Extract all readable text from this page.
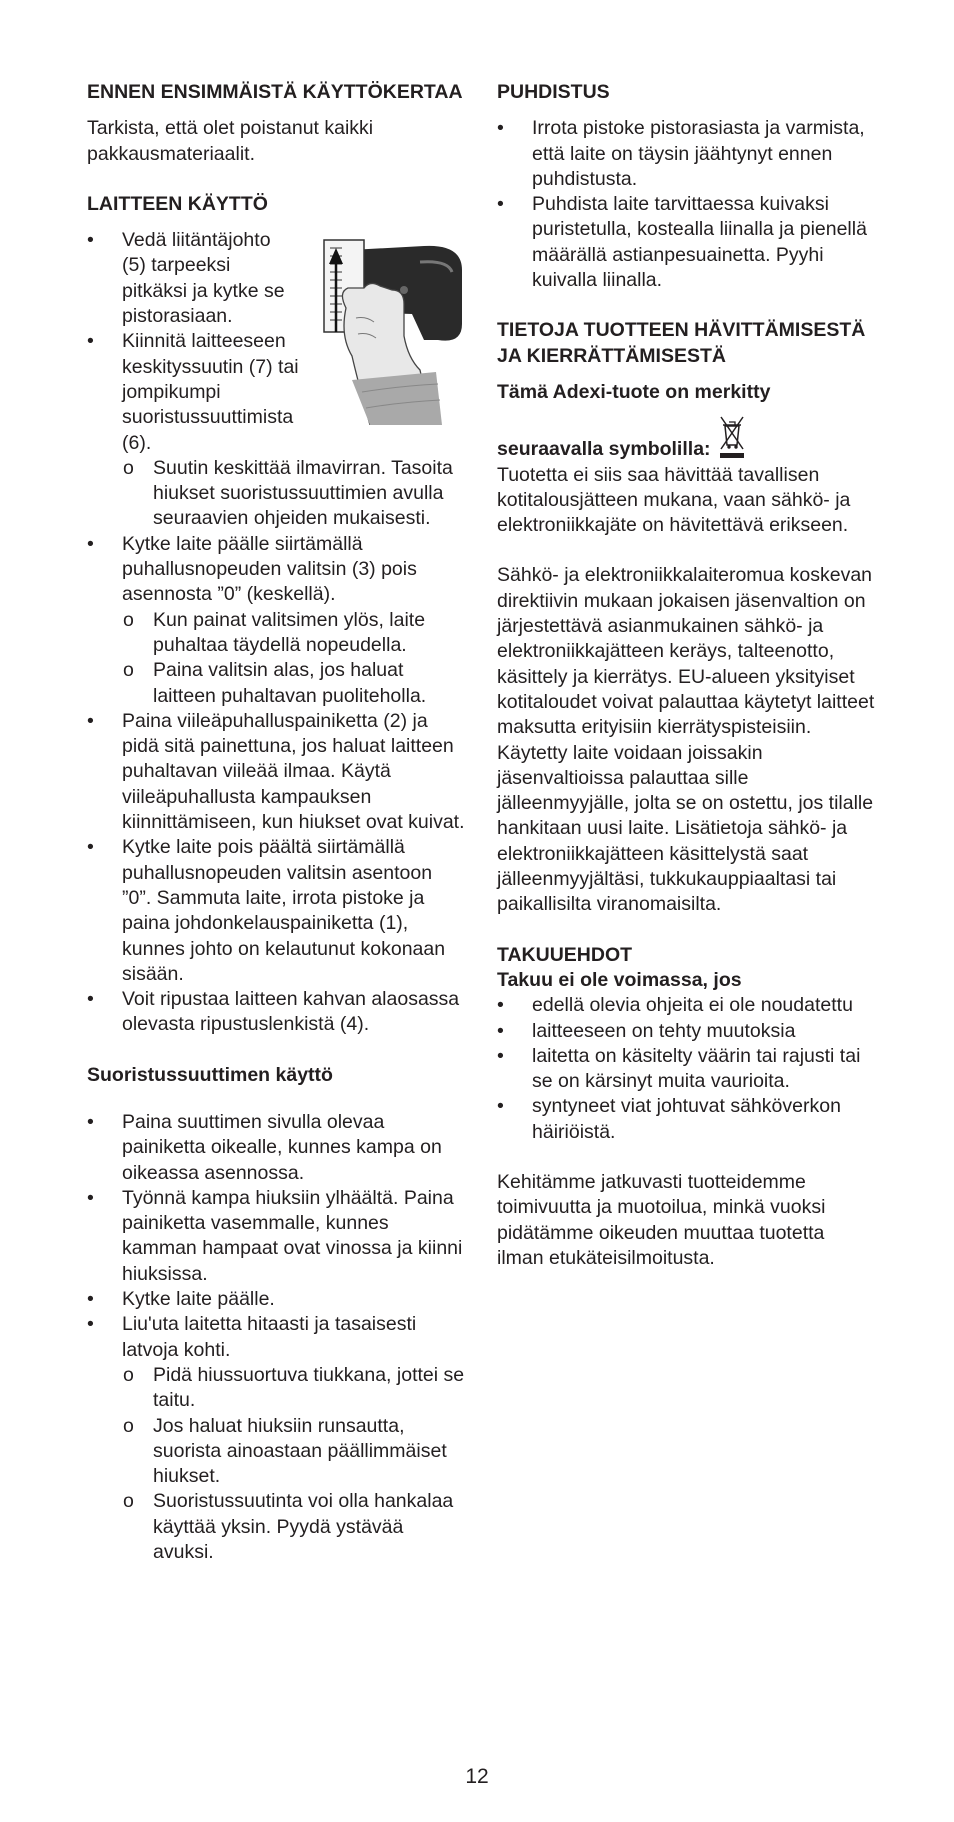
ENNEN ENSIMMÄISTÄ KÄYTTÖKERTAA

Tarkista, että olet poistanut kaikki pakkausmateriaalit.

LAITTEEN KÄYTTÖ
• Vedä liitäntäjohto (5) tarpeeksi pitkäksi ja kytke se pistorasiaan.
• Kiinnitä laitteeseen keskityssuutin (7) tai jompikumpi suoristussuuttimista (6).
o Suutin keskittää ilmavirran. Tasoita hiukset suoristussuuttimien avulla seuraavien ohjeiden mukaisesti.
• Kytke laite päälle siirtämällä puhallusnopeuden valitsin (3) pois asennosta ”0” (keskellä).
o Kun painat valitsimen ylös, laite puhaltaa täydellä nopeudella.
o Paina valitsin alas, jos haluat laitteen puhaltavan puoliteholla.
• Paina viileäpuhalluspainiketta (2) ja pidä sitä painettuna, jos haluat laitteen puhaltavan viileää ilmaa. Käytä viileäpuhallusta kampauksen kiinnittämiseen, kun hiukset ovat kuivat.
• Kytke laite pois päältä siirtämällä puhallusnopeuden valitsin asentoon ”0”. Sammuta laite, irrota pistoke ja paina johdonkelauspainiketta (1), kunnes johto on kelautunut kokonaan sisään.
• Voit ripustaa laitteen kahvan alaosassa olevasta ripustuslenkistä (4).
Suoristussuuttimen käyttö
• Paina suuttimen sivulla olevaa painiketta oikealle, kunnes kampa on oikeassa asennossa.
• Työnnä kampa hiuksiin ylhäältä. Paina painiketta vasemmalle, kunnes kamman hampaat ovat vinossa ja kiinni hiuksissa.
• Kytke laite päälle.
• Liu'uta laitetta hitaasti ja tasaisesti latvoja kohti.
o Pidä hiussuortuva tiukkana, jottei se taitu.
o Jos haluat hiuksiin runsautta, suorista ainoastaan päällimmäiset hiukset.
o Suoristussuutinta voi olla hankalaa käyttää yksin. Pyydä ystävää avuksi.
PUHDISTUS
• Irrota pistoke pistorasiasta ja varmista, että laite on täysin jäähtynyt ennen puhdistusta.
• Puhdista laite tarvittaessa kuivaksi puristetulla, kostealla liinalla ja pienellä määrällä astianpesuainetta. Pyyhi kuivalla liinalla.
TIETOJA TUOTTEEN HÄVITTÄMISESTÄ JA KIERRÄTTÄMISESTÄ

Tämä Adexi-tuote on merkitty

seuraavalla symbolilla:

Tuotetta ei siis saa hävittää tavallisen kotitalousjätteen mukana, vaan sähkö- ja elektroniikkajäte on hävitettävä erikseen.

Sähkö- ja elektroniikkalaiteromua koskevan direktiivin mukaan jokaisen jäsenvaltion on järjestettävä asianmukainen sähkö- ja elektroniikkajätteen keräys, talteenotto, käsittely ja kierrätys. EU-alueen yksityiset kotitaloudet voivat palauttaa käytetyt laitteet maksutta erityisiin kierrätyspisteisiin. Käytetty laite voidaan joissakin jäsenvaltioissa palauttaa sille jälleenmyyjälle, jolta se on ostettu, jos tilalle hankitaan uusi laite. Lisätietoja sähkö- ja elektroniikkajätteen käsittelystä saat jälleenmyyjältäsi, tukkukauppiaaltasi tai paikallisilta viranomaisilta.

TAKUUEHDOT

Takuu ei ole voimassa, jos

• edellä olevia ohjeita ei ole noudatettu
• laitteeseen on tehty muutoksia
• laitetta on käsitelty väärin tai rajusti tai se on kärsinyt muita vaurioita.
• syntyneet viat johtuvat sähköverkon häiriöistä.

Kehitämme jatkuvasti tuotteidemme toimivuutta ja muotoilua, minkä vuoksi pidätämme oikeuden muuttaa tuotetta ilman etukäteisilmoitusta.

12
